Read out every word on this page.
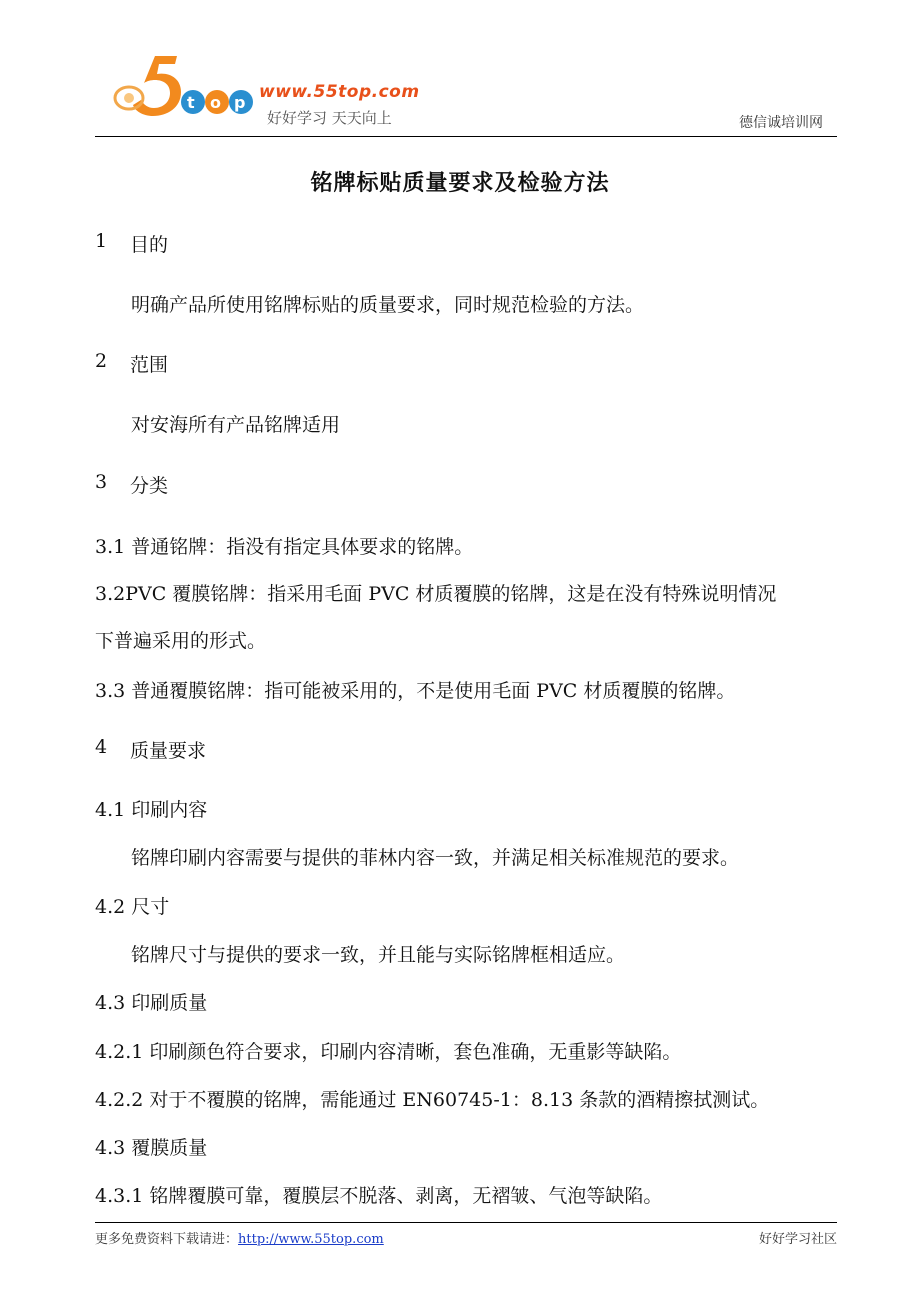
t o p
www.55top.com
好好学习 天天向上	德信诚培训网
铭牌标贴质量要求及检验方法
1 目的
明确产品所使用铭牌标贴的质量要求，同时规范检验的方法。
2 范围
对安海所有产品铭牌适用
3 分类
3.1 普通铭牌：指没有指定具体要求的铭牌。
3.2PVC 覆膜铭牌：指采用毛面 PVC 材质覆膜的铭牌，这是在没有特殊说明情况
下普遍采用的形式。
3.3 普通覆膜铭牌：指可能被采用的，不是使用毛面 PVC 材质覆膜的铭牌。
4 质量要求
4.1 印刷内容
铭牌印刷内容需要与提供的菲林内容一致，并满足相关标准规范的要求。
4.2 尺寸
铭牌尺寸与提供的要求一致，并且能与实际铭牌框相适应。
4.3 印刷质量
4.2.1 印刷颜色符合要求，印刷内容清晰，套色准确，无重影等缺陷。
4.2.2 对于不覆膜的铭牌，需能通过 EN60745-1：8.13 条款的酒精擦拭测试。
4.3 覆膜质量
4.3.1 铭牌覆膜可靠，覆膜层不脱落、剥离，无褶皱、气泡等缺陷。
更多免费资料下载请进：http://www.55top.com	好好学习社区
